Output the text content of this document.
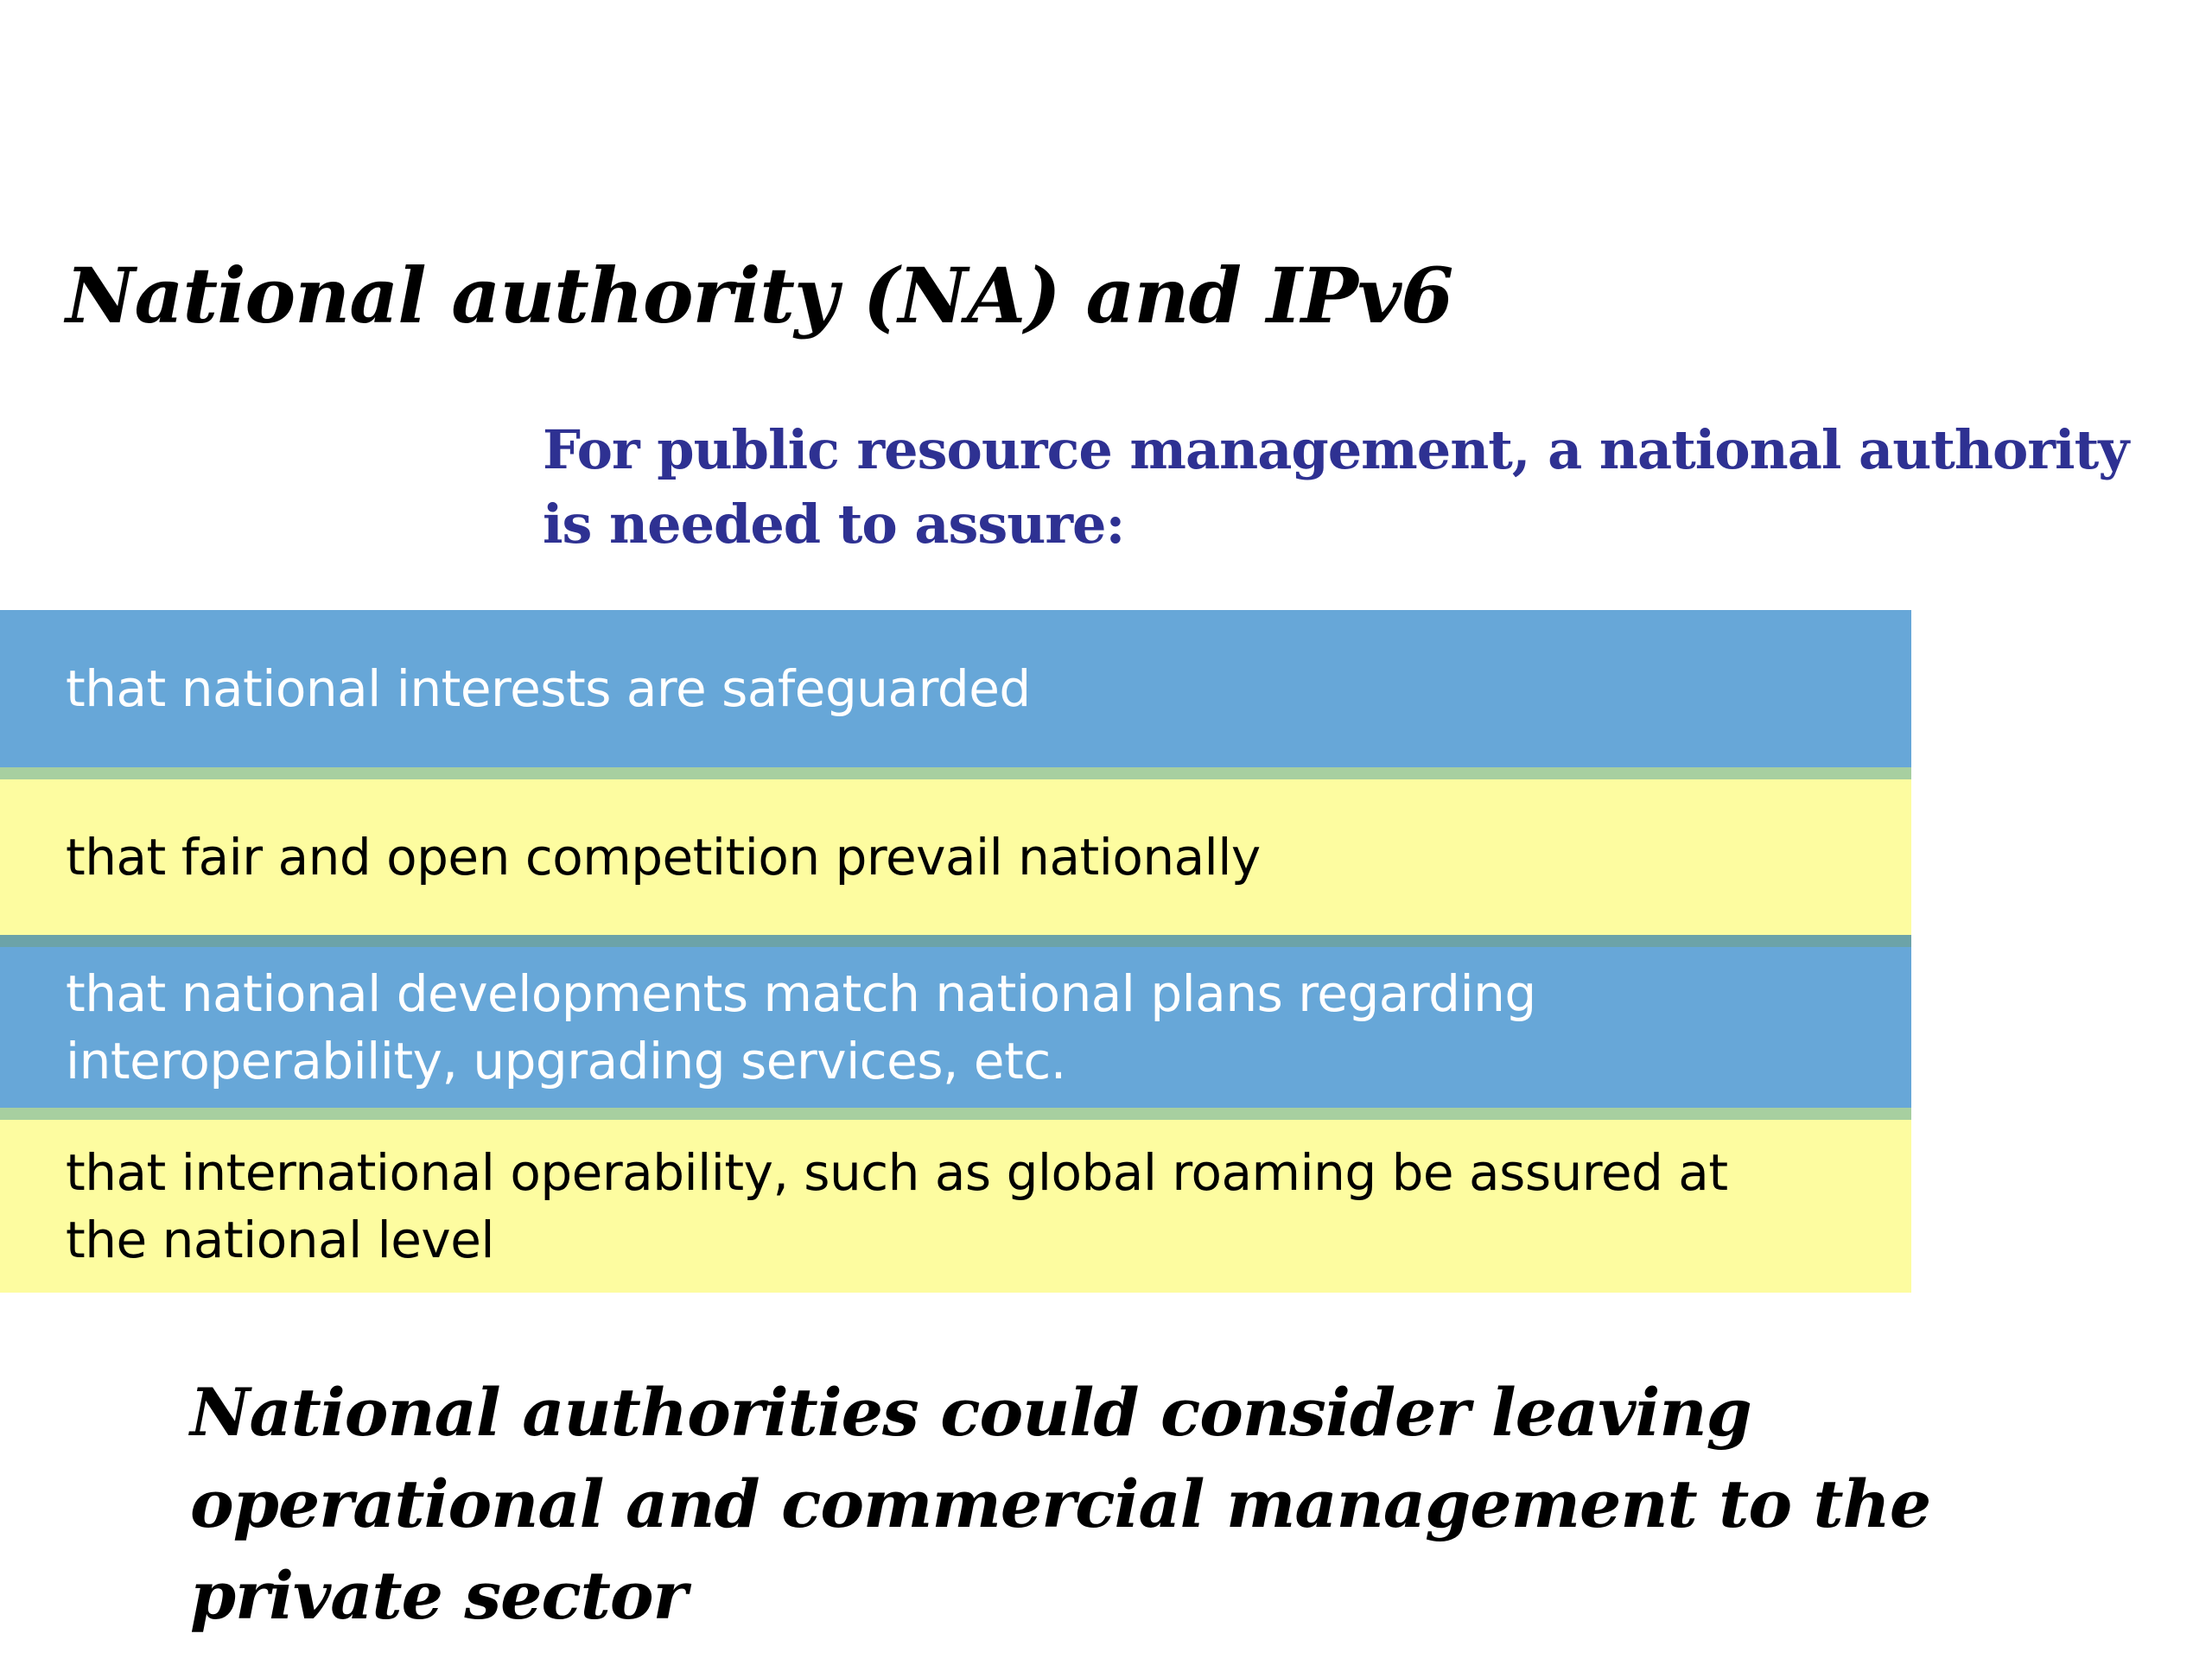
National authority (NA) and IPv6
For public resource management, a national authority is needed to assure:
that national interests are safeguarded
that fair and open competition prevail nationally
that national developments match national plans regarding interoperability, upgrading services, etc.
that international operability, such as global roaming be assured at the national level
National authorities could consider leaving operational and commercial management to the private sector
